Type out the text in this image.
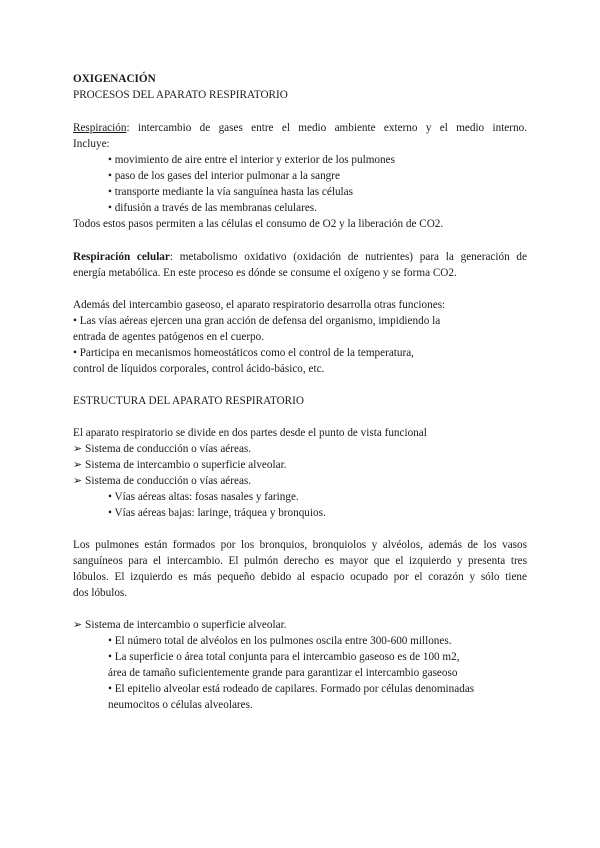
OXIGENACIÓN
PROCESOS DEL APARATO RESPIRATORIO
Respiración: intercambio de gases entre el medio ambiente externo y el medio interno.
Incluye:
• movimiento de aire entre el interior y exterior de los pulmones
• paso de los gases del interior pulmonar a la sangre
• transporte mediante la vía sanguínea hasta las células
• difusión a través de las membranas celulares.
Todos estos pasos permiten a las células el consumo de O2 y la liberación de CO2.
Respiración celular: metabolismo oxidativo (oxidación de nutrientes) para la generación de
energía metabólica. En este proceso es dónde se consume el oxígeno y se forma CO2.
Además del intercambio gaseoso, el aparato respiratorio desarrolla otras funciones:
• Las vías aéreas ejercen una gran acción de defensa del organismo, impidiendo la
entrada de agentes patógenos en el cuerpo.
• Participa en mecanismos homeostáticos como el control de la temperatura,
control de líquidos corporales, control ácido-básico, etc.
ESTRUCTURA DEL APARATO RESPIRATORIO
El aparato respiratorio se divide en dos partes desde el punto de vista funcional
➢ Sistema de conducción o vías aéreas.
➢ Sistema de intercambio o superficie alveolar.
➢ Sistema de conducción o vías aéreas.
• Vías aéreas altas: fosas nasales y faringe.
• Vías aéreas bajas: laringe, tráquea y bronquios.
Los pulmones están formados por los bronquios, bronquiolos y alvéolos, además de los vasos
sanguíneos para el intercambio. El pulmón derecho es mayor que el izquierdo y presenta tres
lóbulos. El izquierdo es más pequeño debido al espacio ocupado por el corazón y sólo tiene
dos lóbulos.
➢ Sistema de intercambio o superficie alveolar.
• El número total de alvéolos en los pulmones oscila entre 300-600 millones.
• La superficie o área total conjunta para el intercambio gaseoso es de 100 m2,
área de tamaño suficientemente grande para garantizar el intercambio gaseoso
• El epitelio alveolar está rodeado de capilares. Formado por células denominadas
neumocitos o células alveolares.
